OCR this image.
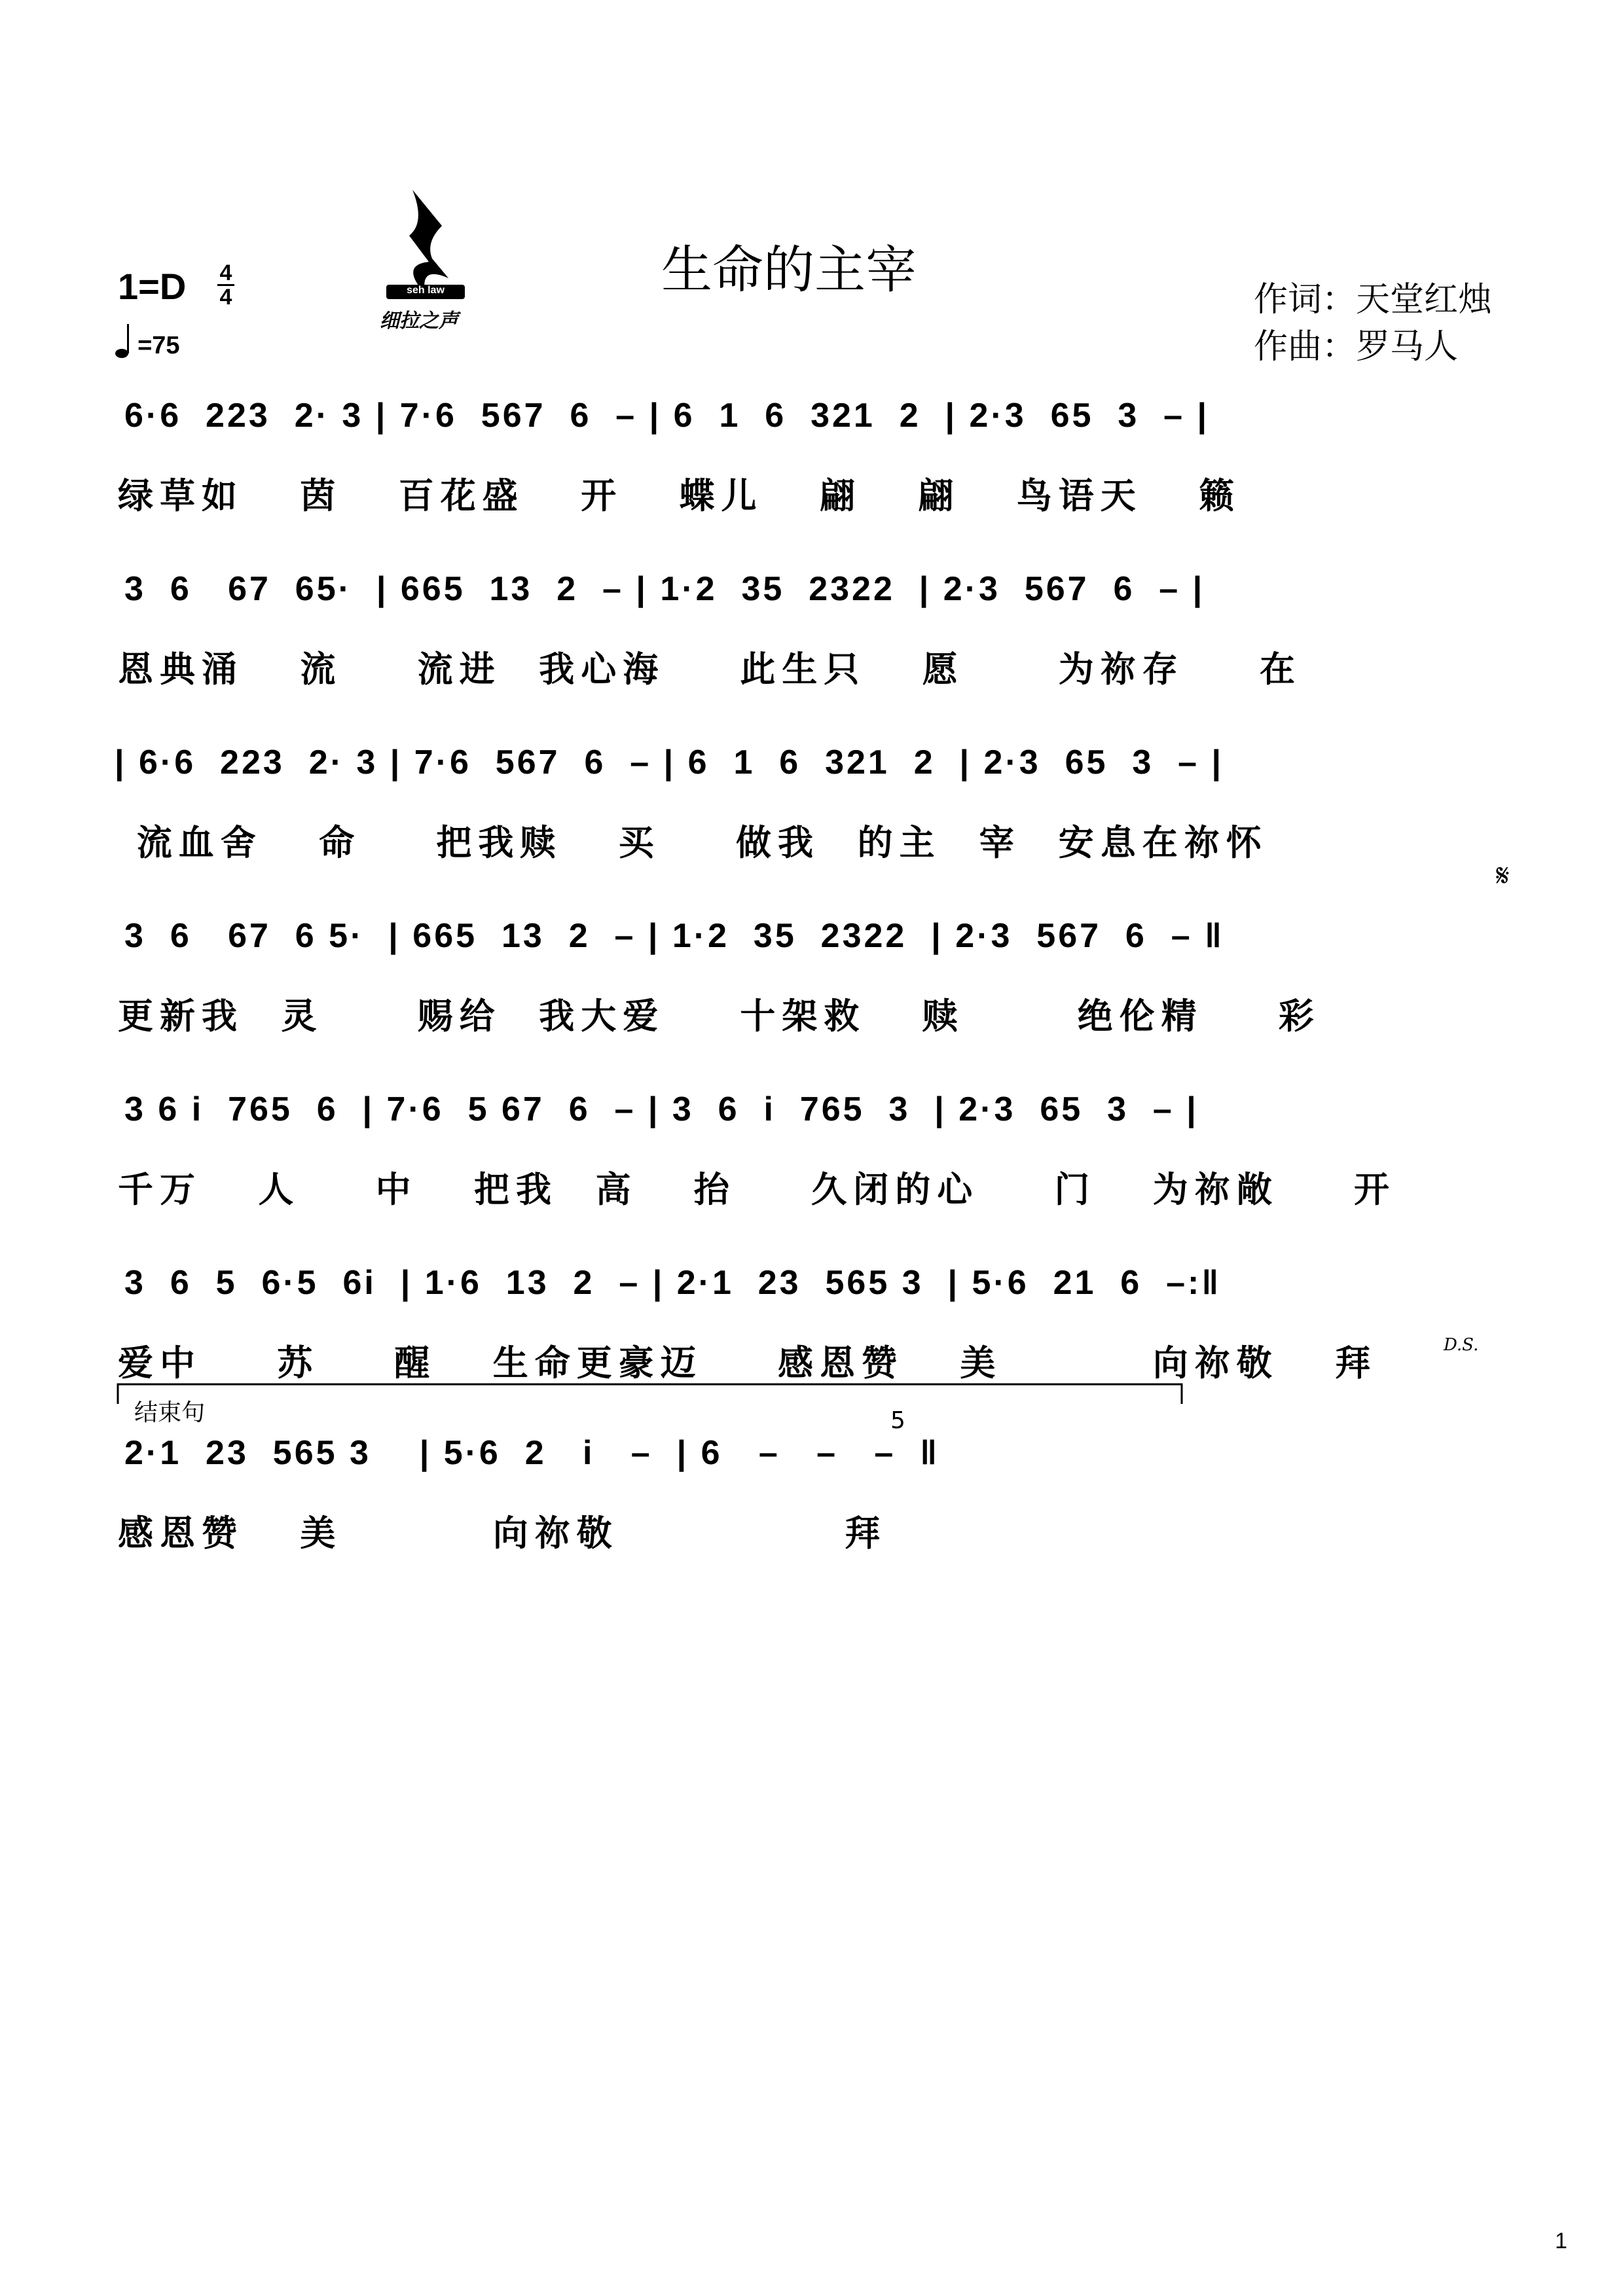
seh law
细拉之声
生命的主宰
1=D 4
4
=75
作词：天堂红烛
作曲：罗马人
6·6  223  2· 3 | 7·6  567  6  – | 6  1  6  321  2  | 2·3  65  3  – |
绿草如   茵   百花盛   开   蝶儿   翩   翩   鸟语天   籁
3  6   67  65·  | 665  13  2  – | 1·2  35  2322  | 2·3  567  6  – |
恩典涌   流    流进  我心海    此生只   愿     为祢存    在
| 6·6  223  2· 3 | 7·6  567  6  – | 6  1  6  321  2  | 2·3  65  3  – |
流血舍   命    把我赎   买    做我  的主  宰  安息在祢怀
𝄋
3  6   67  6 5·  | 665  13  2  – | 1·2  35  2322  | 2·3  567  6  – ‖
更新我  灵     赐给  我大爱    十架救   赎      绝伦精    彩
3 6 i  765  6  | 7·6  5 67  6  – | 3  6  i  765  3  | 2·3  65  3  – |
千万   人    中   把我  高   抬    久闭的心    门   为祢敞    开
3  6  5  6·5  6i  | 1·6  13  2  – | 2·1  23  565 3  | 5·6  21  6  –:‖
爱中    苏    醒   生命更豪迈    感恩赞   美        向祢敬   拜	D.S.
结束句
2·1  23  565 3    | 5·6  2   i   –  | 6   –   –   –  ‖
5
感恩赞   美        向祢敬            拜
1
